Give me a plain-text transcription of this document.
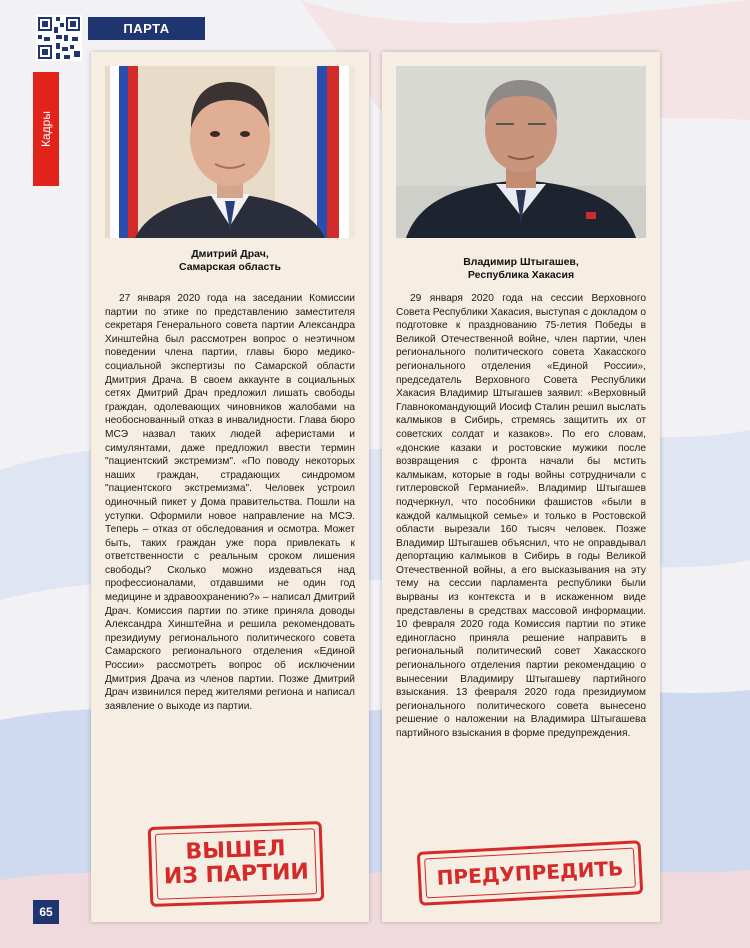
ПАРТА
Кадры
Дмитрий Драч,
Самарская область

27 января 2020 года на заседании Комиссии партии по этике по представлению заместителя секретаря Генерального совета партии Александра Хинштейна был рассмотрен вопрос о неэтичном поведении члена партии, главы бюро медико-социальной экспертизы по Самарской области Дмитрия Драча. В своем аккаунте в социальных сетях Дмитрий Драч предложил лишать свободы граждан, одолевающих чиновников жалобами на необоснованный отказ в инвалидности. Глава бюро МСЭ назвал таких людей аферистами и симулянтами, даже предложил ввести термин "пациентский экстремизм". «По поводу некоторых наших граждан, страдающих синдромом "пациентского экстремизма". Человек устроил одиночный пикет у Дома правительства. Пошли на уступки. Оформили новое направление на МСЭ. Теперь – отказ от обследования и осмотра. Может быть, таких граждан уже пора привлекать к ответственности с реальным сроком лишения свободы? Сколько можно издеваться над профессионалами, отдавшими не один год медицине и здравоохранению?» – написал Дмитрий Драч. Комиссия партии по этике приняла доводы Александра Хинштейна и решила рекомендовать президиуму регионального политического совета Самарского регионального отделения «Единой России» рассмотреть вопрос об исключении Дмитрия Драча из членов партии. Позже Дмитрий Драч извинился перед жителями региона и написал заявление о выходе из партии.

ВЫШЕЛ
ИЗ ПАРТИИ
Владимир Штыгашев,
Республика Хакасия

29 января 2020 года на сессии Верховного Совета Республики Хакасия, выступая с докладом о подготовке к празднованию 75-летия Победы в Великой Отечественной войне, член партии, член регионального политического совета Хакасского регионального отделения «Единой России», председатель Верховного Совета Республики Хакасия Владимир Штыгашев заявил: «Верховный Главнокомандующий Иосиф Сталин решил выслать калмыков в Сибирь, стремясь защитить их от советских солдат и казаков». По его словам, «донские казаки и ростовские мужики после возвращения с фронта начали бы мстить калмыкам, которые в годы войны сотрудничали с гитлеровской Германией». Владимир Штыгашев подчеркнул, что пособники фашистов «были в каждой калмыцкой семье» и только в Ростовской области вырезали 160 тысяч человек. Позже Владимир Штыгашев объяснил, что не оправдывал депортацию калмыков в Сибирь в годы Великой Отечественной войны, а его высказывания на эту тему на сессии парламента республики были вырваны из контекста и в искаженном виде представлены в средствах массовой информации. 10 февраля 2020 года Комиссия партии по этике единогласно приняла решение направить в региональный политический совет Хакасского регионального отделения партии рекомендацию о вынесении Владимиру Штыгашеву партийного взыскания. 13 февраля 2020 года президиумом регионального политического совета вынесено решение о наложении на Владимира Штыгашева партийного взыскания в форме предупреждения.

ПРЕДУПРЕДИТЬ
65
